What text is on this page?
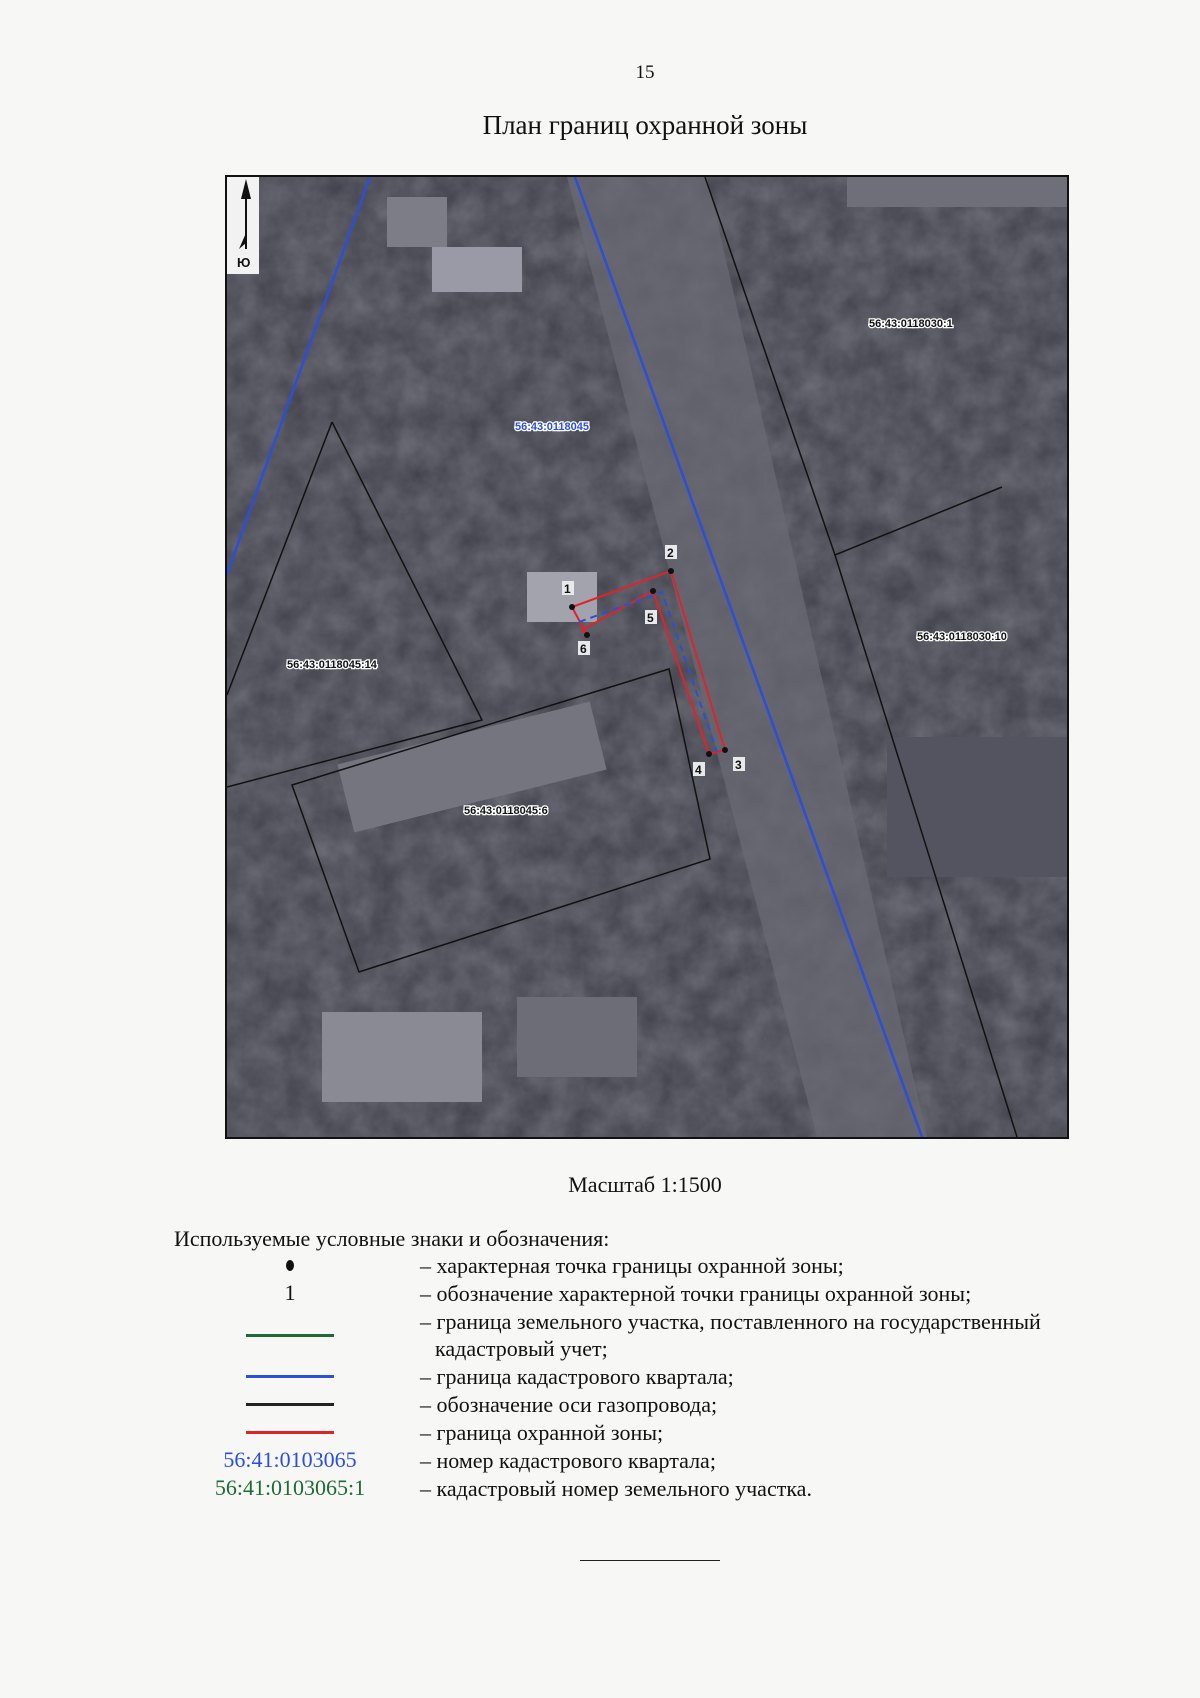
15
План границ охранной зоны
1
2
3
4
5
6
56:43:0118045
56:43:0118030:1
56:43:0118030:10
56:43:0118045:14
56:43:0118045:6
Ю
Масштаб 1:1500
Используемые условные знаки и обозначения:
– характерная точка границы охранной зоны;
1	– обозначение характерной точки границы охранной зоны;
– граница земельного участка, поставленного на государственный
кадастровый учет;
– граница кадастрового квартала;
– обозначение оси газопровода;
– граница охранной зоны;
56:41:0103065	– номер кадастрового квартала;
56:41:0103065:1 – кадастровый номер земельного участка.
